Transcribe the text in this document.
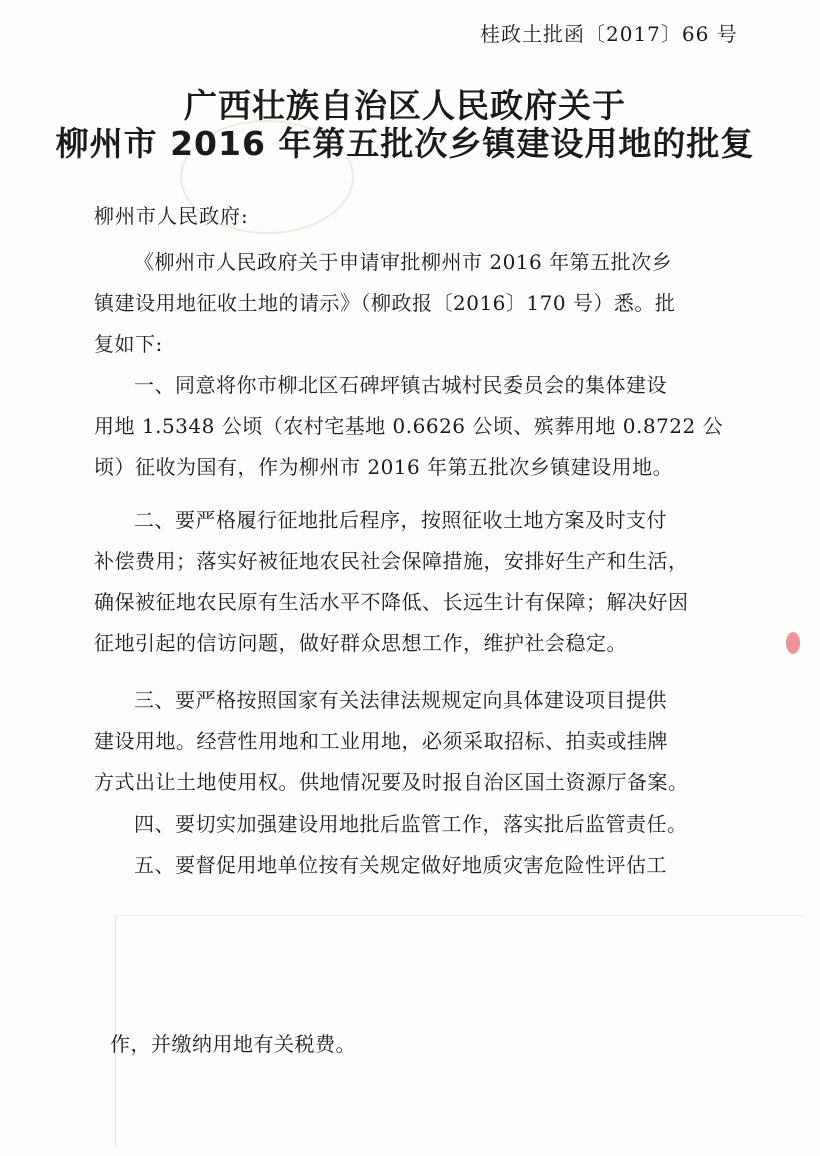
桂政土批函〔2017〕66 号
广西壮族自治区人民政府关于
柳州市 2016 年第五批次乡镇建设用地的批复
柳州市人民政府:
《柳州市人民政府关于申请审批柳州市 2016 年第五批次乡
镇建设用地征收土地的请示》（柳政报〔2016〕170 号）悉。批
复如下:
一、同意将你市柳北区石碑坪镇古城村民委员会的集体建设
用地 1.5348 公顷（农村宅基地 0.6626 公顷、殡葬用地 0.8722 公
顷）征收为国有，作为柳州市 2016 年第五批次乡镇建设用地。
二、要严格履行征地批后程序，按照征收土地方案及时支付
补偿费用；落实好被征地农民社会保障措施，安排好生产和生活，
确保被征地农民原有生活水平不降低、长远生计有保障；解决好因
征地引起的信访问题，做好群众思想工作，维护社会稳定。
三、要严格按照国家有关法律法规规定向具体建设项目提供
建设用地。经营性用地和工业用地，必须采取招标、拍卖或挂牌
方式出让土地使用权。供地情况要及时报自治区国土资源厅备案。
四、要切实加强建设用地批后监管工作，落实批后监管责任。
五、要督促用地单位按有关规定做好地质灾害危险性评估工
作，并缴纳用地有关税费。
